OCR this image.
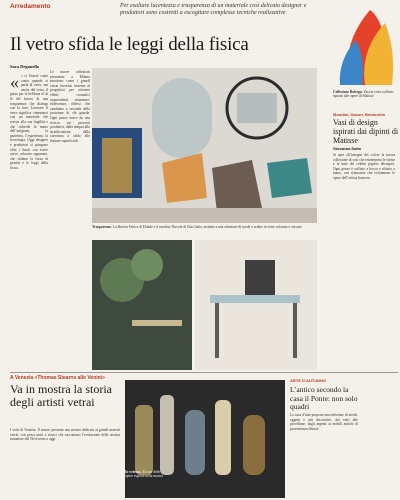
Arredamento	Per esaltare lucentezza e trasparenza di un materiale così delicato designer e produttori sono costretti a escogitare complesse tecniche realizzative
Il vetro sfida le leggi della fisica
Sara Deganello
« « ci Grazie come conta quando si parla di vetro, ma anche del vetro, il gusto per la bellezza al di là del lavoro di una trasparenza che dialoga con la luce. Lavorare il vetro significa cimentarsi con un materiale che resiste alla sua fragilità e che richiede la mano dell’artigiano, la pazienza, l’esperienza, la tecnologia. Oggi designer e produttori si spingono oltre i limiti con lastre curve, colorate, sagomate, che sfidano la forza di gravità e le leggi della fisica.
Le nuove collezioni presentate a Milano mostrano come i grandi vetrai lavorino insieme ai progettisti per ottenere effetti cromatici sorprendenti: sfumature, iridescenze, riflessi che cambiano a seconda della posizione di chi guarda. Ogni pezzo nasce da una ricerca sui processi produttivi, dalla tempra alla stratificazione, dalla curvatura a caldo alle finiture superficiali.
Trasparenze. La libreria Fenice di Driade e il tavolino Nuvola di Glas Italia, insieme a una selezione di tavoli e sedute in vetro colorato e curvato
Mondini, Dacon, Bevacchio
Vasi di design ispirati dai dipinti di Matisse
Giovanna Sotto
Si apre all’insegna del colore la nuova collezione di vasi che reinterpreta le forme e le tinte dei celebri papiers découpés. Ogni pezzo è soffiato a bocca e rifinito a mano, con sfumature che richiamano le opere dell’artista francese.
Collezione Bottega. Vasi in vetro soffiato ispirati alle opere di Matisse
A Venezia «Thomas Stearns alle Venini»
Va in mostra la storia degli artisti vetrai
I vetri di Venezia. Il museo presenta una mostra dedicata ai grandi maestri vetrai, con pezzi unici e storici che raccontano l’evoluzione della tecnica muranese dal Novecento a oggi.
In vetrina. Alcune delle opere esposte nella mostra
ARTE D’AUTUNNO
L’antico secondo la casa il Ponte: non solo quadri
La casa d’aste propone una selezione di arredi, oggetti e arti decorative, dai vetri alle porcellane, dagli argenti ai mobili antichi di provenienza illustre.
